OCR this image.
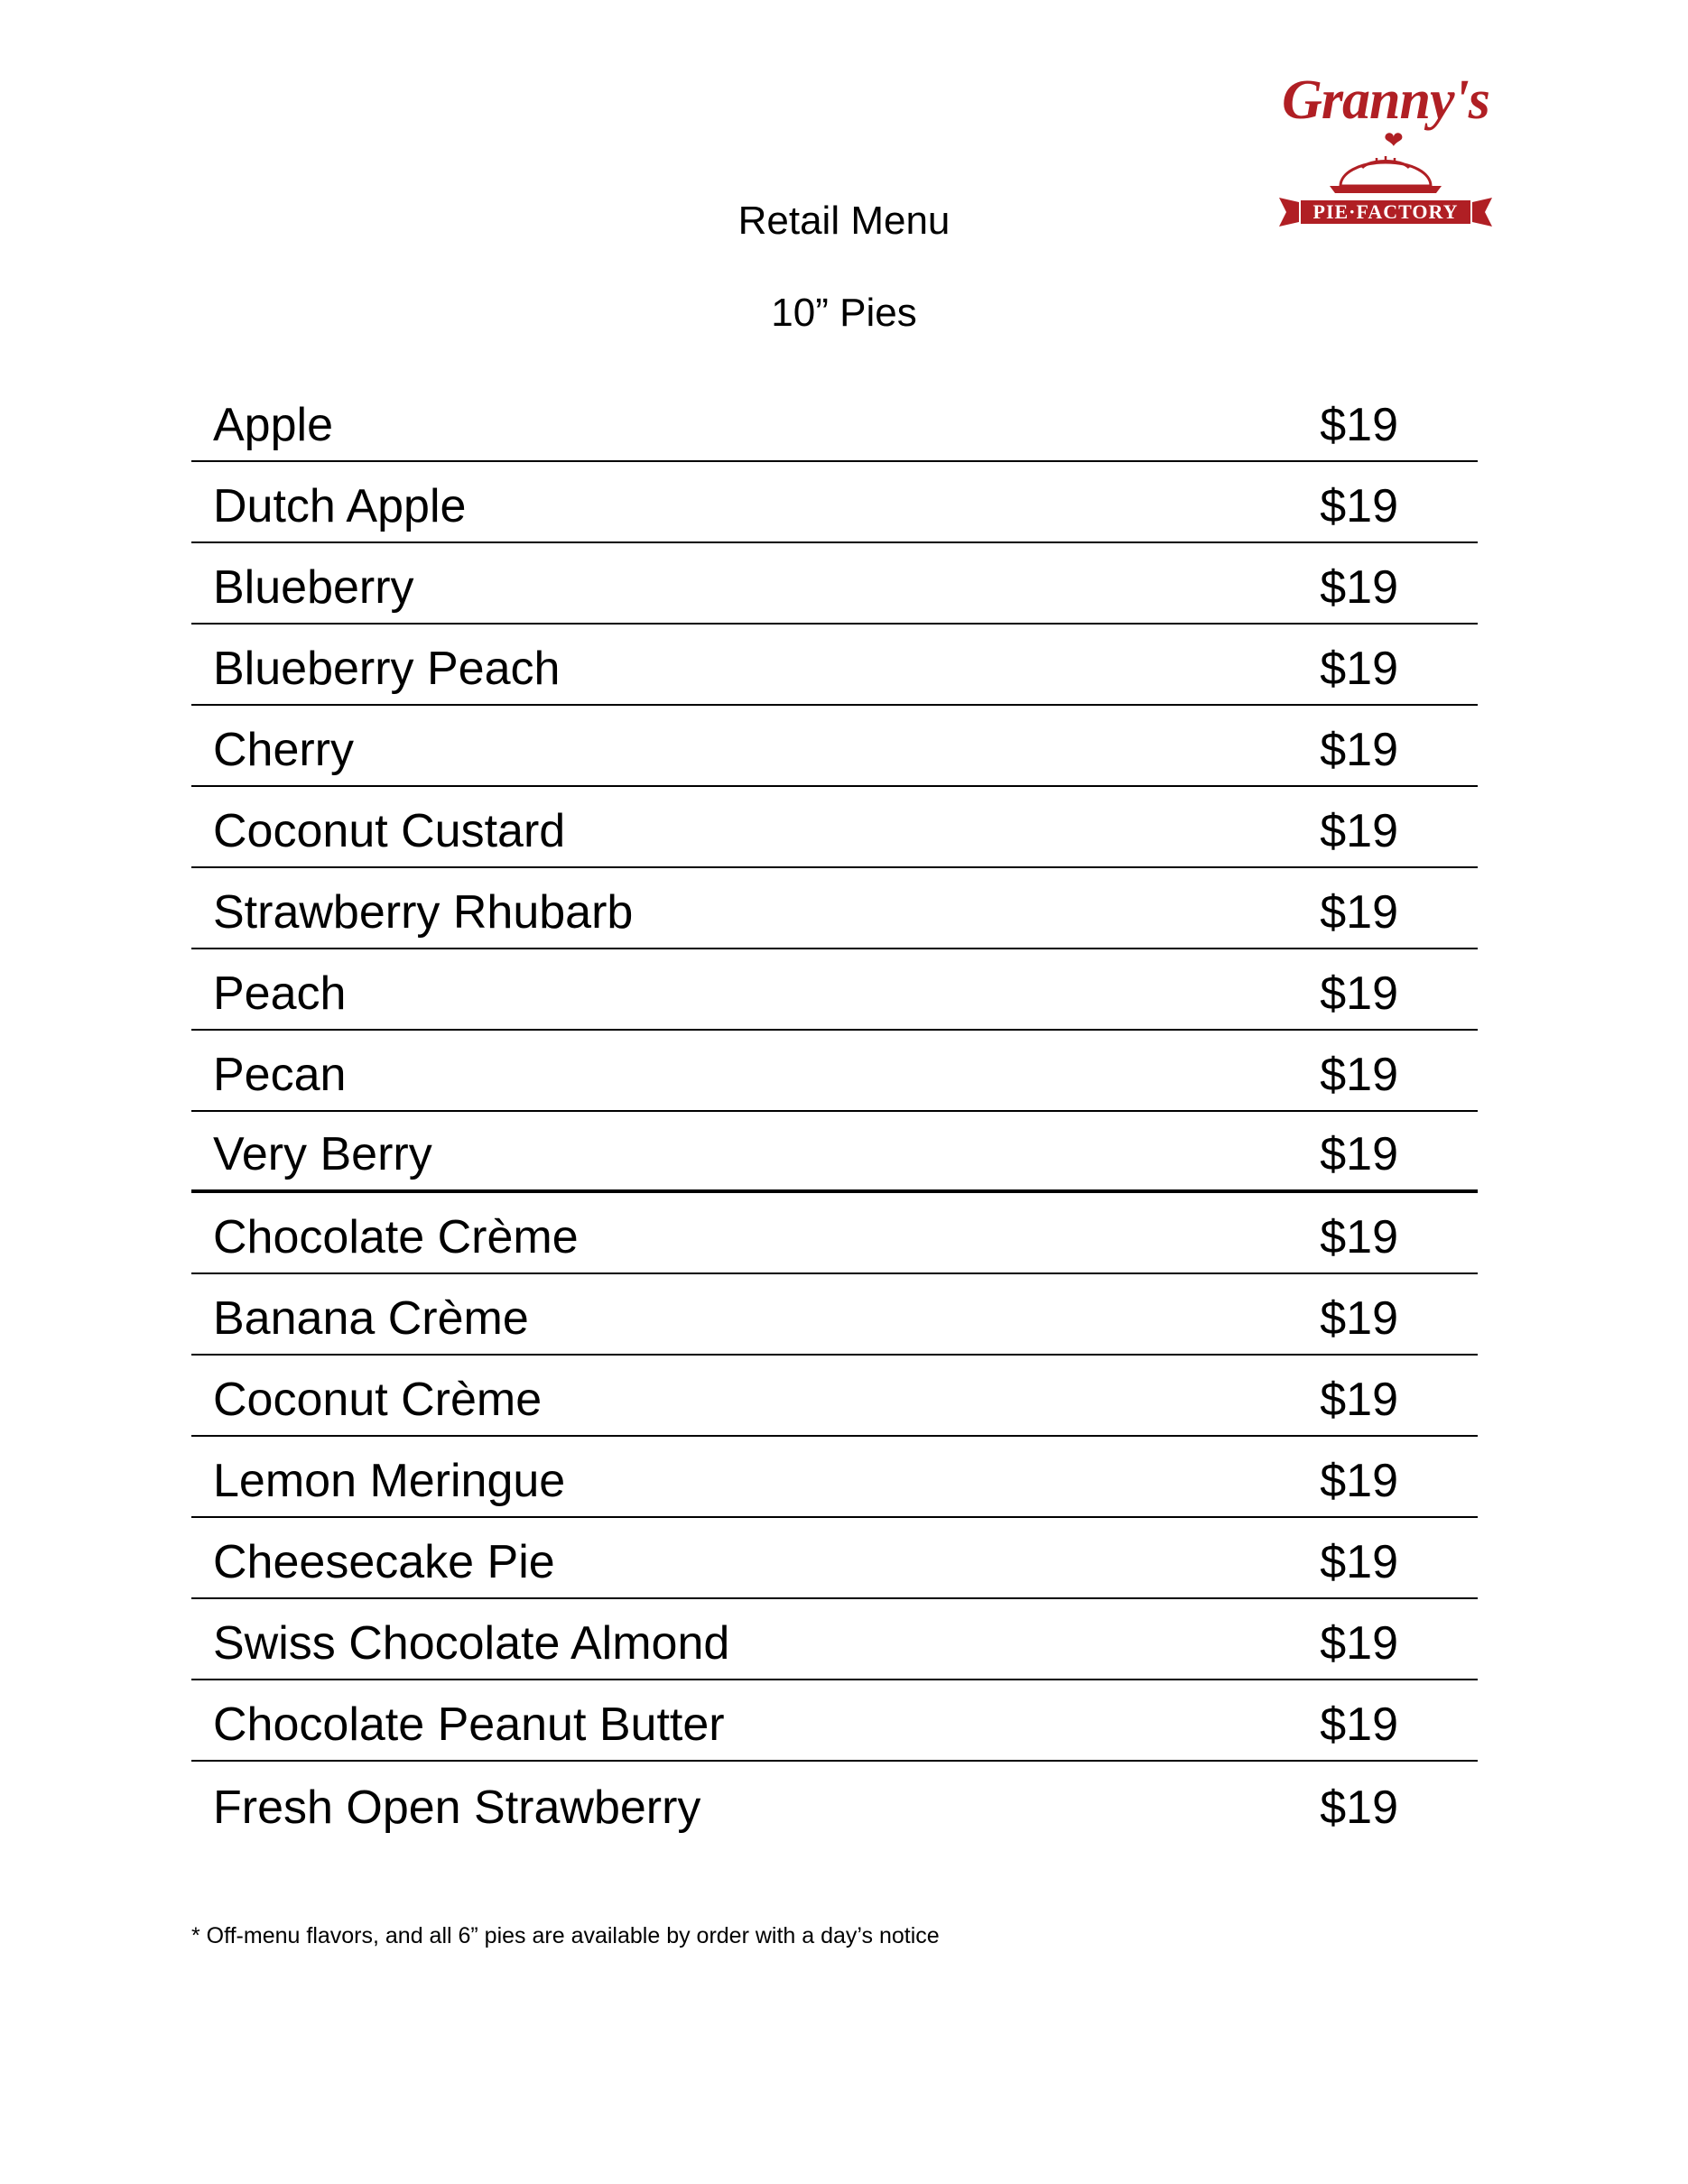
Granny's
❤
PIE·FACTORY
Retail Menu
10” Pies
Apple	$19
Dutch Apple	$19
Blueberry	$19
Blueberry Peach	$19
Cherry	$19
Coconut Custard	$19
Strawberry Rhubarb	$19
Peach	$19
Pecan	$19
Very Berry	$19
Chocolate Crème	$19
Banana Crème	$19
Coconut Crème	$19
Lemon Meringue	$19
Cheesecake Pie	$19
Swiss Chocolate Almond	$19
Chocolate Peanut Butter	$19
Fresh Open Strawberry	$19
* Off-menu flavors, and all 6” pies are available by order with a day’s notice
